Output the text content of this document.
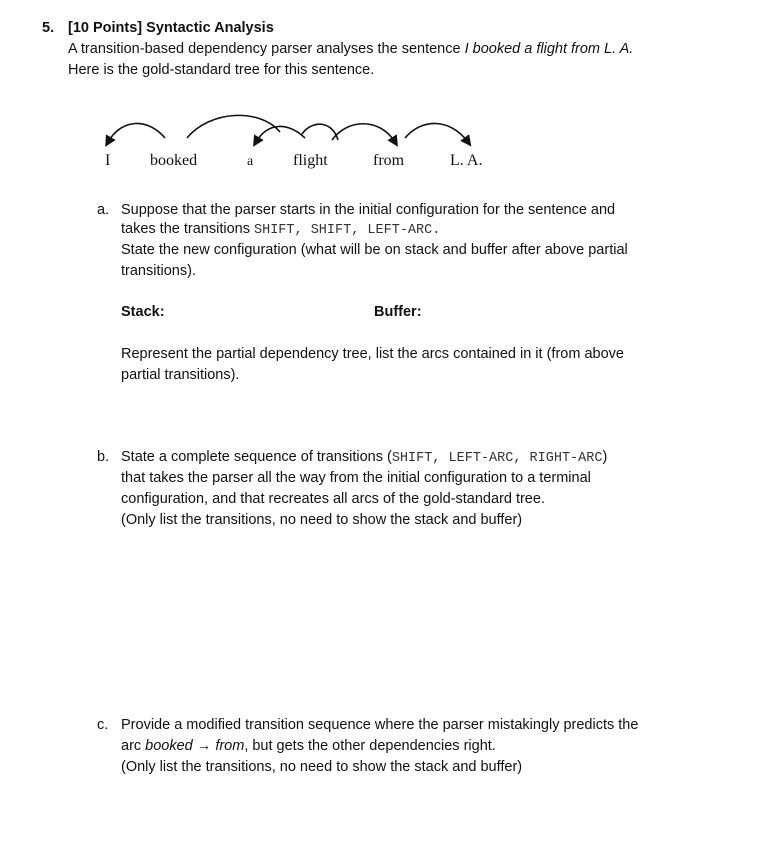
5. [10 Points] Syntactic Analysis
A transition-based dependency parser analyses the sentence I booked a flight from L. A.
Here is the gold-standard tree for this sentence.
I booked	a flight	from	L. A.
a. Suppose that the parser starts in the initial configuration for the sentence and
takes the transitions SHIFT, SHIFT, LEFT-ARC.
State the new configuration (what will be on stack and buffer after above partial
transitions).
Stack:	Buffer:
Represent the partial dependency tree, list the arcs contained in it (from above
partial transitions).
b. State a complete sequence of transitions (SHIFT, LEFT-ARC, RIGHT-ARC)
that takes the parser all the way from the initial configuration to a terminal
configuration, and that recreates all arcs of the gold-standard tree.
(Only list the transitions, no need to show the stack and buffer)
c. Provide a modified transition sequence where the parser mistakingly predicts the
arc booked → from, but gets the other dependencies right.
(Only list the transitions, no need to show the stack and buffer)
